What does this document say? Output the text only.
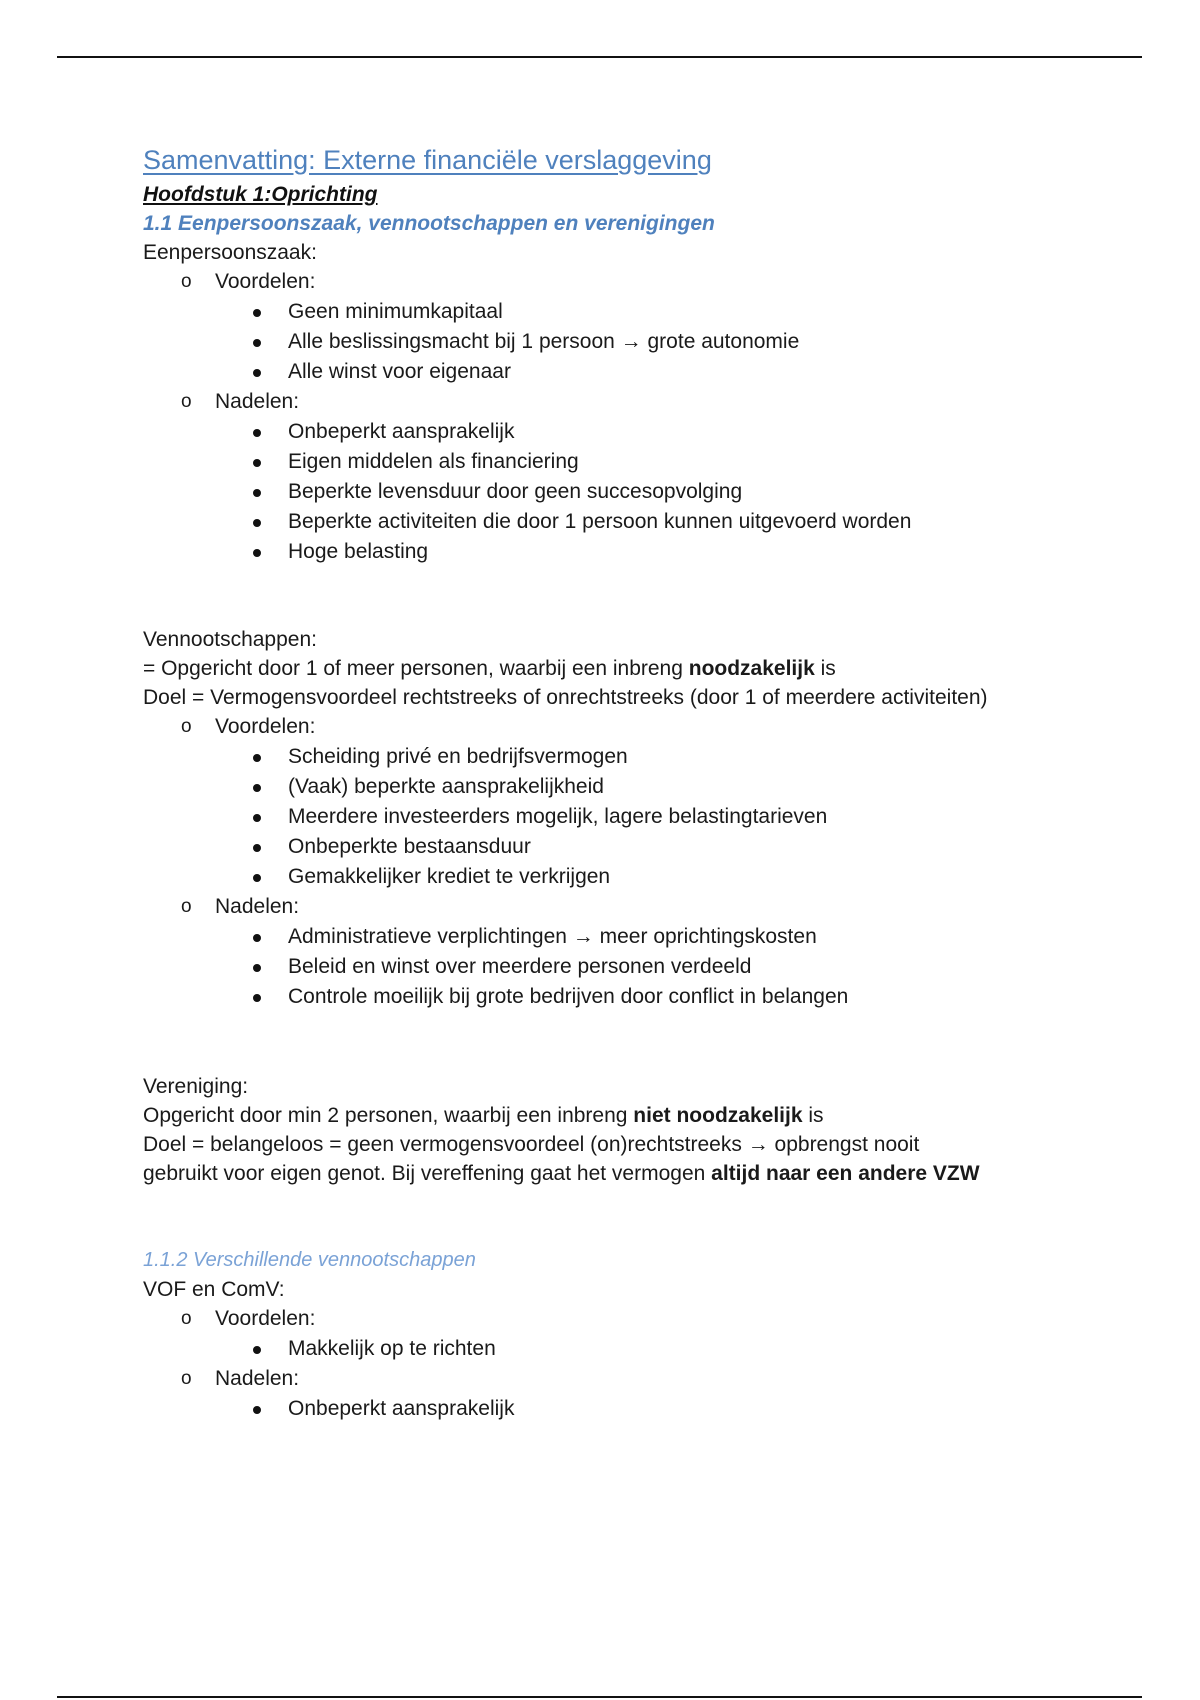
Samenvatting: Externe financiële verslaggeving
Hoofdstuk 1:Oprichting
1.1 Eenpersoonszaak, vennootschappen en verenigingen
Eenpersoonszaak:
o Voordelen:
Geen minimumkapitaal
Alle beslissingsmacht bij 1 persoon → grote autonomie
Alle winst voor eigenaar
o Nadelen:
Onbeperkt aansprakelijk
Eigen middelen als financiering
Beperkte levensduur door geen succesopvolging
Beperkte activiteiten die door 1 persoon kunnen uitgevoerd worden
Hoge belasting
Vennootschappen:
= Opgericht door 1 of meer personen, waarbij een inbreng noodzakelijk is
Doel = Vermogensvoordeel rechtstreeks of onrechtstreeks (door 1 of meerdere activiteiten)
o Voordelen:
Scheiding privé en bedrijfsvermogen
(Vaak) beperkte aansprakelijkheid
Meerdere investeerders mogelijk, lagere belastingtarieven
Onbeperkte bestaansduur
Gemakkelijker krediet te verkrijgen
o Nadelen:
Administratieve verplichtingen → meer oprichtingskosten
Beleid en winst over meerdere personen verdeeld
Controle moeilijk bij grote bedrijven door conflict in belangen
Vereniging:
Opgericht door min 2 personen, waarbij een inbreng niet noodzakelijk is
Doel = belangeloos = geen vermogensvoordeel (on)rechtstreeks → opbrengst nooit
gebruikt voor eigen genot. Bij vereffening gaat het vermogen altijd naar een andere VZW
1.1.2 Verschillende vennootschappen
VOF en ComV:
o Voordelen:
Makkelijk op te richten
o Nadelen:
Onbeperkt aansprakelijk
